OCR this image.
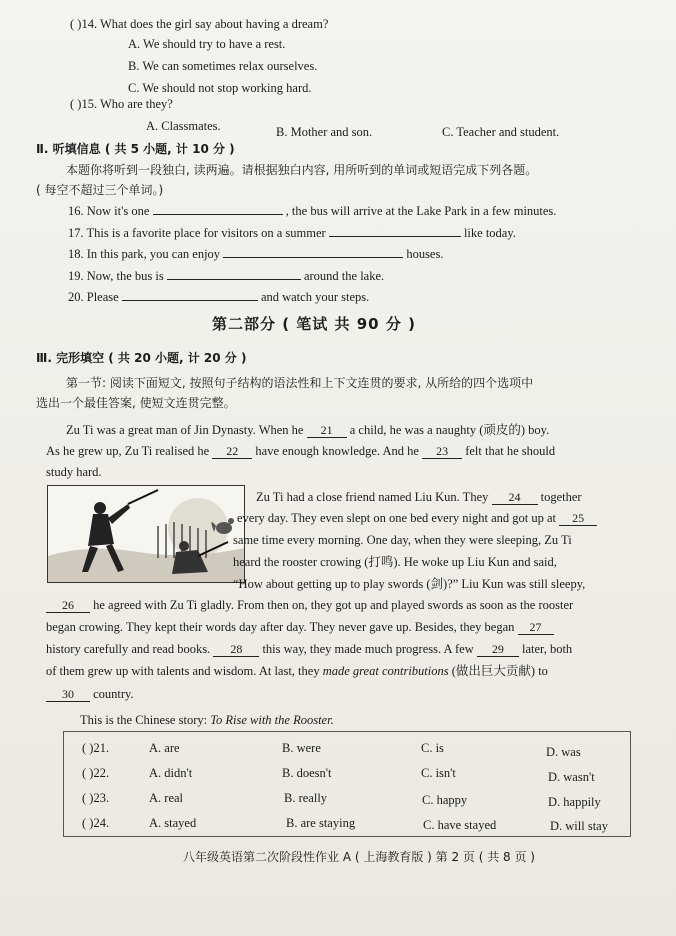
( )14. What does the girl say about having a dream?
A. We should try to have a rest.
B. We can sometimes relax ourselves.
C. We should not stop working hard.
( )15. Who are they?
A. Classmates.	B. Mother and son.	C. Teacher and student.
Ⅱ. 听填信息 ( 共 5 小题, 计 10 分 )
本题你将听到一段独白, 读两遍。请根据独白内容, 用所听到的单词或短语完成下列各题。
( 每空不超过三个单词。)
16. Now it's one	, the bus will arrive at the Lake Park in a few minutes.
17. This is a favorite place for visitors on a summer	like today.
18. In this park, you can enjoy	houses.
19. Now, the bus is	around the lake.
20. Please	and watch your steps.
第二部分 ( 笔试 共 90 分 )
Ⅲ. 完形填空 ( 共 20 小题, 计 20 分 )
第一节: 阅读下面短文, 按照句子结构的语法性和上下文连贯的要求, 从所给的四个选项中
选出一个最佳答案, 使短文连贯完整。
Zu Ti was a great man of Jin Dynasty. When he 21 a child, he was a naughty (顽皮的) boy.
As he grew up, Zu Ti realised he 22 have enough knowledge. And he 23 felt that he should
study hard.
Zu Ti had a close friend named Liu Kun. They 24 together
every day. They even slept on one bed every night and got up at 25
same time every morning. One day, when they were sleeping, Zu Ti
heard the rooster crowing (打鸣). He woke up Liu Kun and said,
“How about getting up to play swords (剑)?” Liu Kun was still sleepy,
26 he agreed with Zu Ti gladly. From then on, they got up and played swords as soon as the rooster
began crowing. They kept their words day after day. They never gave up. Besides, they began 27
history carefully and read books. 28 this way, they made much progress. A few 29 later, both
of them grew up with talents and wisdom. At last, they made great contributions (做出巨大贡献) to
30 country.
This is the Chinese story: To Rise with the Rooster.
( )21.	A. are	B. were	C. is	D. was
( )22.	A. didn't	B. doesn't	C. isn't	D. wasn't
( )23.	A. real	B. really	C. happy	D. happily
( )24.	A. stayed	B. are staying	C. have stayed	D. will stay
八年级英语第二次阶段性作业 A ( 上海教育版 ) 第 2 页 ( 共 8 页 )
